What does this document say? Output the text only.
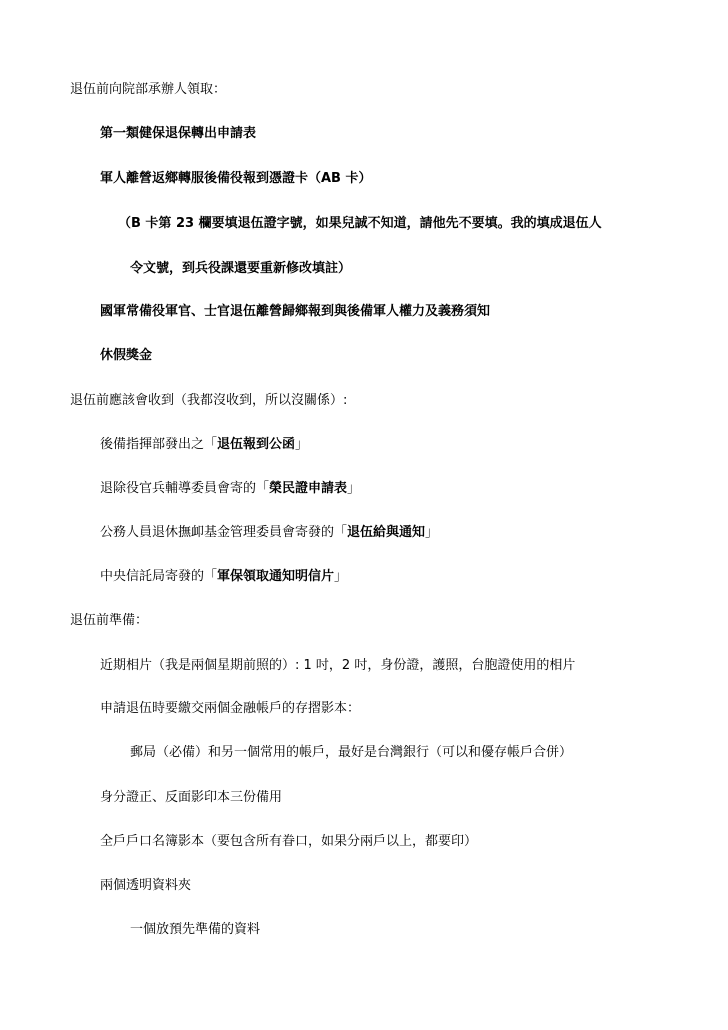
退伍前向院部承辦人領取：
第一類健保退保轉出申請表
軍人離營返鄉轉服後備役報到憑證卡（AB 卡）
（B 卡第 23 欄要填退伍證字號，如果兒誠不知道，請他先不要填。我的填成退伍人
令文號，到兵役課還要重新修改填註）
國軍常備役軍官、士官退伍離營歸鄉報到與後備軍人權力及義務須知
休假獎金
退伍前應該會收到（我都沒收到，所以沒關係）:
後備指揮部發出之「退伍報到公函」
退除役官兵輔導委員會寄的「榮民證申請表」
公務人員退休撫卹基金管理委員會寄發的「退伍給與通知」
中央信託局寄發的「軍保領取通知明信片」
退伍前準備：
近期相片（我是兩個星期前照的）: 1 吋，2 吋，身份證，護照，台胞證使用的相片
申請退伍時要繳交兩個金融帳戶的存摺影本：
郵局（必備）和另一個常用的帳戶，最好是台灣銀行（可以和優存帳戶合併）
身分證正、反面影印本三份備用
全戶戶口名簿影本（要包含所有眷口，如果分兩戶以上，都要印）
兩個透明資料夾
一個放預先準備的資料
